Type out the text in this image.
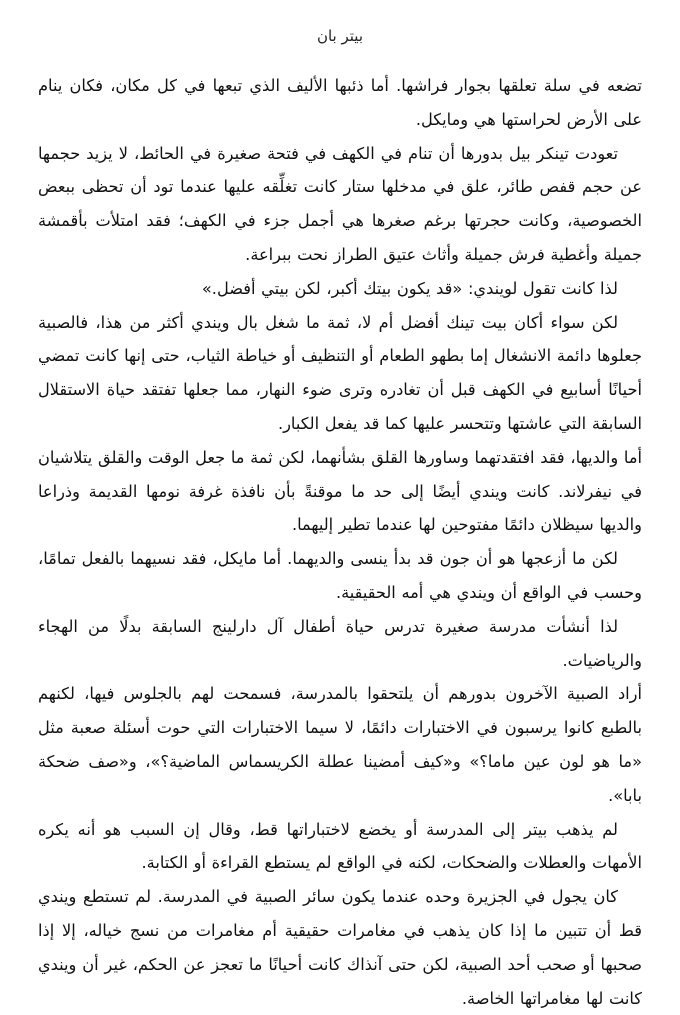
بيتر بان

تضعه في سلة تعلقها بجوار فراشها. أما ذئبها الأليف الذي تبعها في كل مكان، فكان ينام على الأرض لحراستها هي ومايكل.

تعودت تينكر بيل بدورها أن تنام في الكهف في فتحة صغيرة في الحائط، لا يزيد حجمها عن حجم قفص طائر، علق في مدخلها ستار كانت تغلِّقه عليها عندما تود أن تحظى ببعض الخصوصية، وكانت حجرتها برغم صغرها هي أجمل جزء في الكهف؛ فقد امتلأت بأقمشة جميلة وأغطية فرش جميلة وأثاث عتيق الطراز نحت ببراعة.

لذا كانت تقول لويندي: «قد يكون بيتك أكبر، لكن بيتي أفضل.»

لكن سواء أكان بيت تينك أفضل أم لا، ثمة ما شغل بال ويندي أكثر من هذا، فالصبية جعلوها دائمة الانشغال إما بطهو الطعام أو التنظيف أو خياطة الثياب، حتى إنها كانت تمضي أحيانًا أسابيع في الكهف قبل أن تغادره وترى ضوء النهار، مما جعلها تفتقد حياة الاستقلال السابقة التي عاشتها وتتحسر عليها كما قد يفعل الكبار.

أما والديها، فقد افتقدتهما وساورها القلق بشأنهما، لكن ثمة ما جعل الوقت والقلق يتلاشيان في نيفرلاند. كانت ويندي أيضًا إلى حد ما موقنةً بأن نافذة غرفة نومها القديمة وذراعا والديها سيظلان دائمًا مفتوحين لها عندما تطير إليهما.

لكن ما أزعجها هو أن جون قد بدأ ينسى والديهما. أما مايكل، فقد نسيهما بالفعل تمامًا، وحسب في الواقع أن ويندي هي أمه الحقيقية.

لذا أنشأت مدرسة صغيرة تدرس حياة أطفال آل دارلينج السابقة بدلًا من الهجاء والرياضيات.

أراد الصبية الآخرون بدورهم أن يلتحقوا بالمدرسة، فسمحت لهم بالجلوس فيها، لكنهم بالطبع كانوا يرسبون في الاختبارات دائمًا، لا سيما الاختبارات التي حوت أسئلة صعبة مثل «ما هو لون عين ماما؟» و«كيف أمضينا عطلة الكريسماس الماضية؟»، و«صف ضحكة بابا».

لم يذهب بيتر إلى المدرسة أو يخضع لاختباراتها قط، وقال إن السبب هو أنه يكره الأمهات والعطلات والضحكات، لكنه في الواقع لم يستطع القراءة أو الكتابة.

كان يجول في الجزيرة وحده عندما يكون سائر الصبية في المدرسة. لم تستطع ويندي قط أن تتبين ما إذا كان يذهب في مغامرات حقيقية أم مغامرات من نسج خياله، إلا إذا صحبها أو صحب أحد الصبية، لكن حتى آنذاك كانت أحيانًا ما تعجز عن الحكم، غير أن ويندي كانت لها مغامراتها الخاصة.
